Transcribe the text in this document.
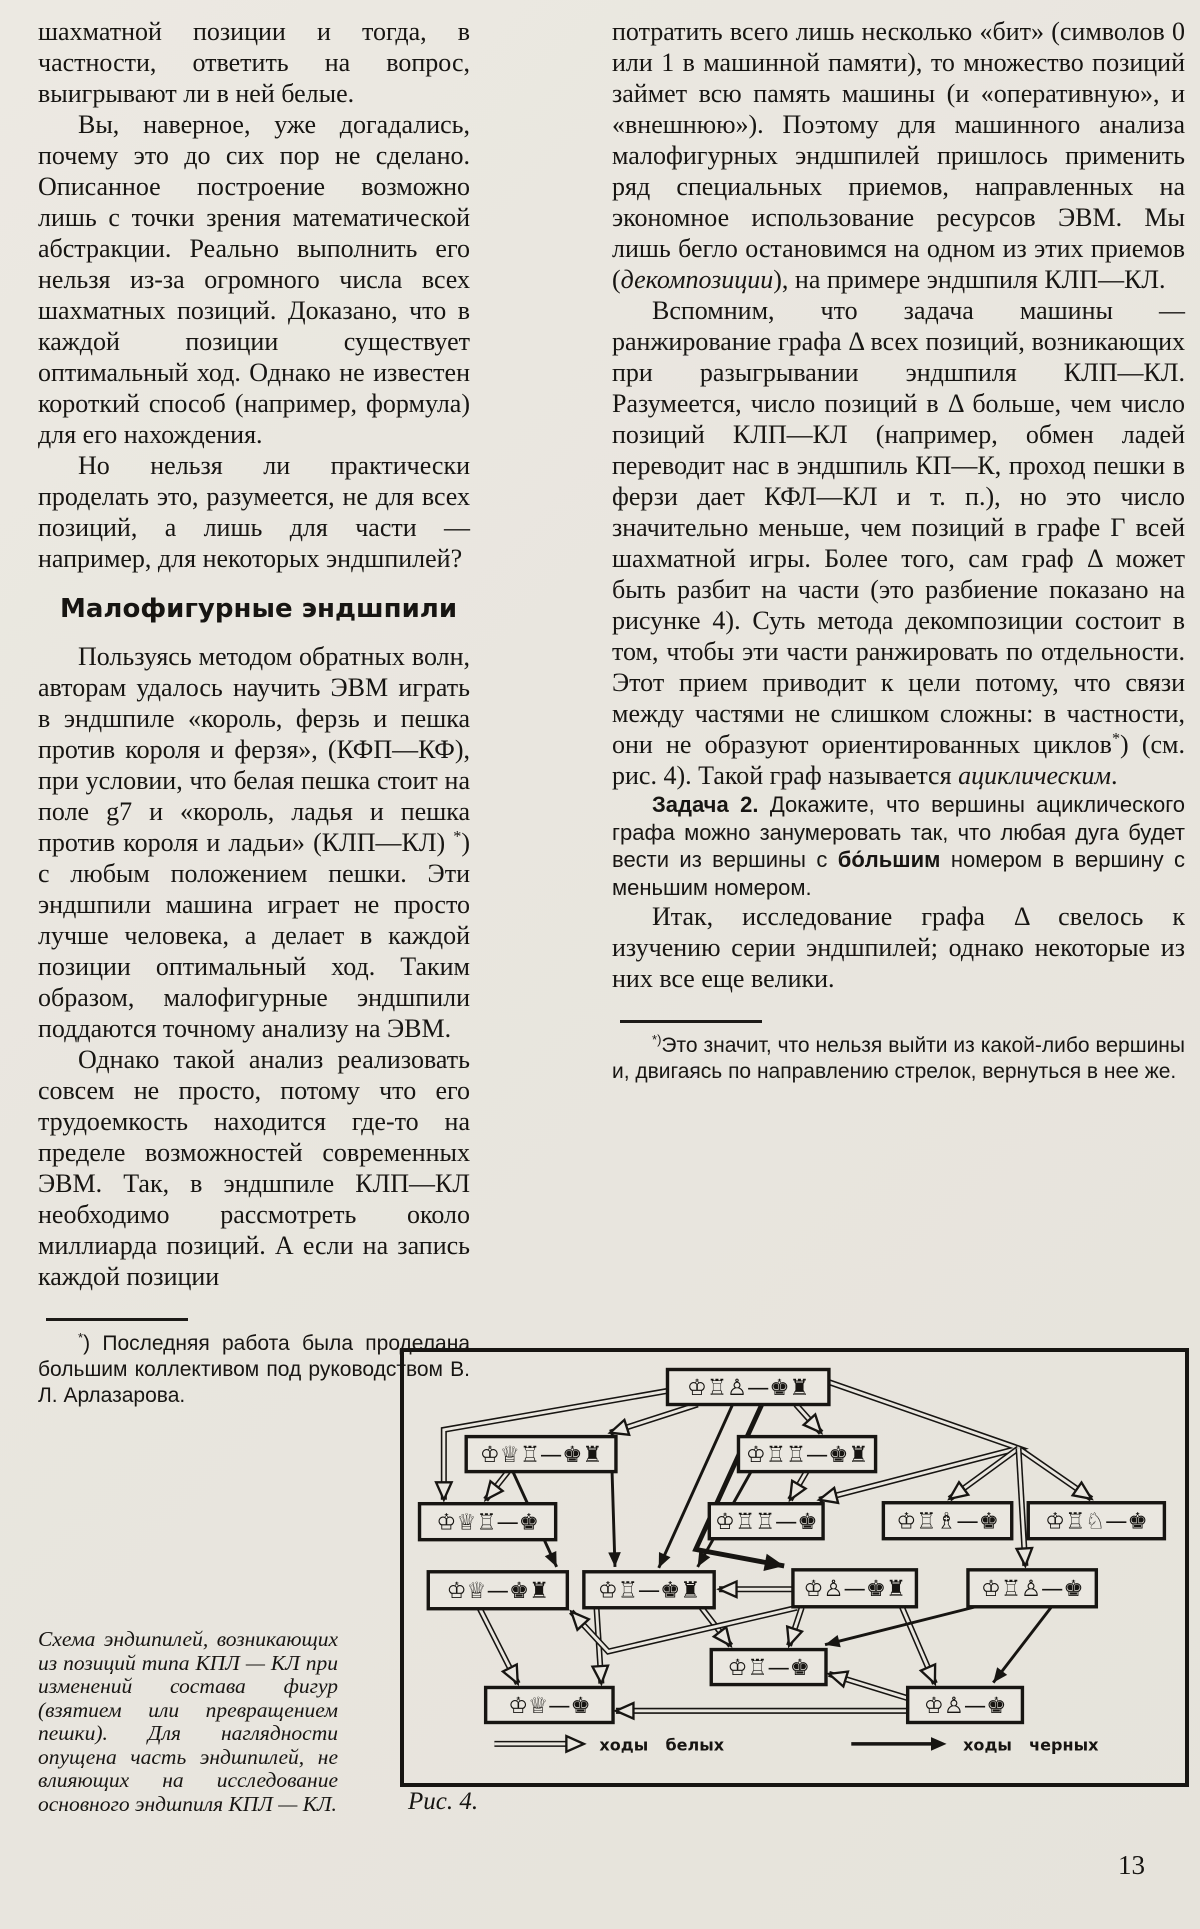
шахматной позиции и тогда, в частности, ответить на вопрос, выигрывают ли в ней белые.

Вы, наверное, уже догадались, почему это до сих пор не сделано. Описанное построение возможно лишь с точки зрения математической абстракции. Реально выполнить его нельзя из-за огромного числа всех шахматных позиций. Доказано, что в каждой позиции существует оптимальный ход. Однако не известен короткий способ (например, формула) для его нахождения.

Но нельзя ли практически проделать это, разумеется, не для всех позиций, а лишь для части — например, для некоторых эндшпилей?

Малофигурные эндшпили

Пользуясь методом обратных волн, авторам удалось научить ЭВМ играть в эндшпиле «король, ферзь и пешка против короля и ферзя», (КФП—КФ), при условии, что белая пешка стоит на поле g7 и «король, ладья и пешка против короля и ладьи» (КЛП—КЛ) *) с любым положением пешки. Эти эндшпили машина играет не просто лучше человека, а делает в каждой позиции оптимальный ход. Таким образом, малофигурные эндшпили поддаются точному анализу на ЭВМ.

Однако такой анализ реализовать совсем не просто, потому что его трудоемкость находится где-то на пределе возможностей современных ЭВМ. Так, в эндшпиле КЛП—КЛ необходимо рассмотреть около миллиарда позиций. А если на запись каждой позиции

*) Последняя работа была проделана большим коллективом под руководством В. Л. Арлазарова.

потратить всего лишь несколько «бит» (символов 0 или 1 в машинной памяти), то множество позиций займет всю память машины (и «оперативную», и «внешнюю»). Поэтому для машинного анализа малофигурных эндшпилей пришлось применить ряд специальных приемов, направленных на экономное использование ресурсов ЭВМ. Мы лишь бегло остановимся на одном из этих приемов (декомпозиции), на примере эндшпиля КЛП—КЛ.

Вспомним, что задача машины — ранжирование графа Δ всех позиций, возникающих при разыгрывании эндшпиля КЛП—КЛ. Разумеется, число позиций в Δ больше, чем число позиций КЛП—КЛ (например, обмен ладей переводит нас в эндшпиль КП—К, проход пешки в ферзи дает КФЛ—КЛ и т. п.), но это число значительно меньше, чем позиций в графе Г всей шахматной игры. Более того, сам граф Δ может быть разбит на части (это разбиение показано на рисунке 4). Суть метода декомпозиции состоит в том, чтобы эти части ранжировать по отдельности. Этот прием приводит к цели потому, что связи между частями не слишком сложны: в частности, они не образуют ориентированных циклов*) (см. рис. 4). Такой граф называется ациклическим.

Задача 2. Докажите, что вершины ациклического графа можно занумеровать так, что любая дуга будет вести из вершины с бо́льшим номером в вершину с меньшим номером.

Итак, исследование графа Δ свелось к изучению серии эндшпилей; однако некоторые из них все еще велики.

*)Это значит, что нельзя выйти из какой-либо вершины и, двигаясь по направлению стрелок, вернуться в нее же.

Схема эндшпилей, возникающих из позиций типа КПЛ — КЛ при изменений состава фигур (взятием или превращением пешки). Для наглядности опущена часть эндшпилей, не влияющих на исследование основного эндшпиля КПЛ — КЛ.
♔♖♙—♚♜
♔♕♖—♚♜	♔♖♖—♚♜
♔♕♖—♚	♔♖♖—♚	♔♖♗—♚ ♔♖♘—♚
♔♕—♚♜ ♔♖—♚♜	♔♙—♚♜	♔♖♙—♚
♔♖—♚
♔♕—♚	♔♙—♚
ходы белых	ходы черных
Рис. 4.
13
